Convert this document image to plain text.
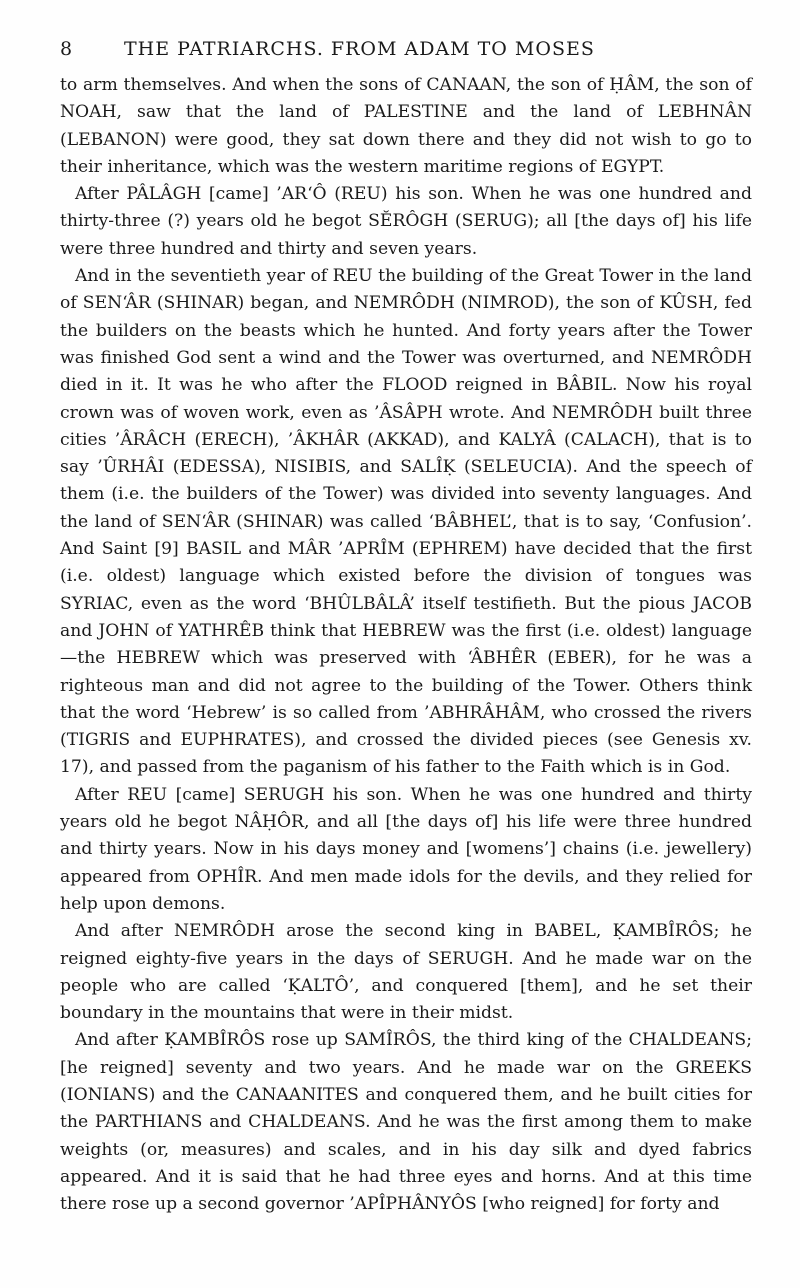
8	THE PATRIARCHS. FROM ADAM TO MOSES

to arm themselves. And when the sons of CANAAN, the son of ḤÂM, the son of NOAH, saw that the land of PALESTINE and the land of LEBHNÂN (LEBANON) were good, they sat down there and they did not wish to go to their inheritance, which was the western maritime regions of EGYPT.

After PÂLÂGH [came] ’AR‘Ô (REU) his son. When he was one hundred and thirty-three (?) years old he begot SĔRÔGH (SERUG); all [the days of] his life were three hundred and thirty and seven years.

And in the seventieth year of REU the building of the Great Tower in the land of SEN‘ÂR (SHINAR) began, and NEMRÔDH (NIMROD), the son of KÛSH, fed the builders on the beasts which he hunted. And forty years after the Tower was finished God sent a wind and the Tower was overturned, and NEMRÔDH died in it. It was he who after the FLOOD reigned in BÂBIL. Now his royal crown was of woven work, even as ’ÂSÂPH wrote. And NEMRÔDH built three cities ’ÂRÂCH (ERECH), ’ÂKHÂR (AKKAD), and KALYÂ (CALACH), that is to say ’ÛRHÂI (EDESSA), NISIBIS, and SALÎḲ (SELEUCIA). And the speech of them (i.e. the builders of the Tower) was divided into seventy languages. And the land of SEN‘ÂR (SHINAR) was called ‘BÂBHEL’, that is to say, ‘Confusion’. And Saint [9] BASIL and MÂR ’APRÎM (EPHREM) have decided that the first (i.e. oldest) language which existed before the division of tongues was SYRIAC, even as the word ‘BHÛLBÂLÂ’ itself testifieth. But the pious JACOB and JOHN of YATHRÊB think that HEBREW was the first (i.e. oldest) language—the HEBREW which was preserved with ‘ÂBHÊR (EBER), for he was a righteous man and did not agree to the building of the Tower. Others think that the word ‘Hebrew’ is so called from ’ABHRÂHÂM, who crossed the rivers (TIGRIS and EUPHRATES), and crossed the divided pieces (see Genesis xv. 17), and passed from the paganism of his father to the Faith which is in God.

After REU [came] SERUGH his son. When he was one hundred and thirty years old he begot NÂḤÔR, and all [the days of] his life were three hundred and thirty years. Now in his days money and [womens’] chains (i.e. jewellery) appeared from OPHÎR. And men made idols for the devils, and they relied for help upon demons.

And after NEMRÔDH arose the second king in BABEL, ḲAMBÎRÔS; he reigned eighty-five years in the days of SERUGH. And he made war on the people who are called ‘ḲALTÔ’, and conquered [them], and he set their boundary in the mountains that were in their midst.

And after ḲAMBÎRÔS rose up SAMÎRÔS, the third king of the CHALDEANS; [he reigned] seventy and two years. And he made war on the GREEKS (IONIANS) and the CANAANITES and conquered them, and he built cities for the PARTHIANS and CHALDEANS. And he was the first among them to make weights (or, measures) and scales, and in his day silk and dyed fabrics appeared. And it is said that he had three eyes and horns. And at this time there rose up a second governor ’APÎPHÂNYÔS [who reigned] for forty and
